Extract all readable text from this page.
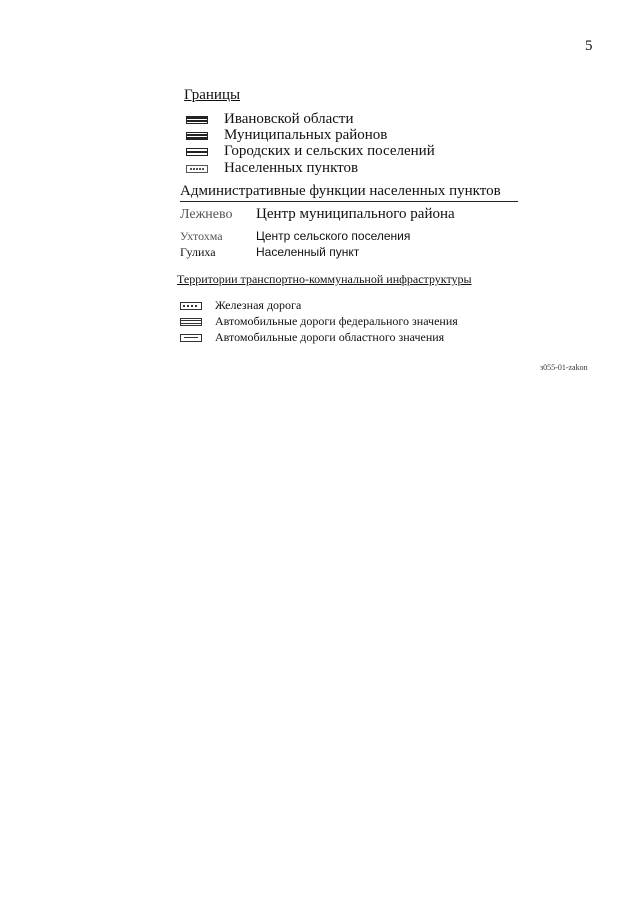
5
Границы
Ивановской области
Муниципальных районов
Городских и сельских поселений
Населенных пунктов
Административные функции населенных пунктов
Лежнево Центр муниципального района
Ухтохма	Центр сельского поселения
Гулиха	Населенный пункт
Территории транспортно-коммунальной инфраструктуры
Железная дорога
Автомобильные дороги федерального значения
Автомобильные дороги областного значения
з055-01-zakon
